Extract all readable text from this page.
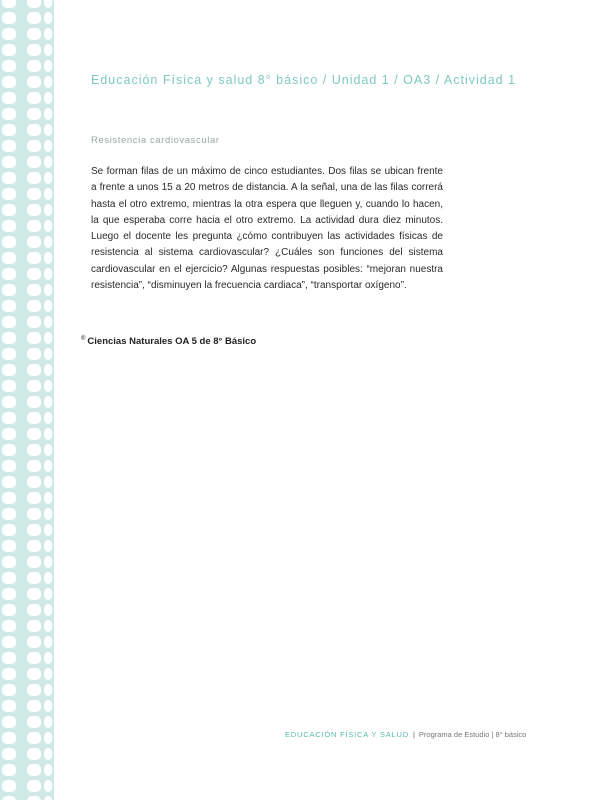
Educación Física y salud 8° básico / Unidad 1 / OA3 / Actividad 1
Resistencia cardiovascular

Se forman filas de un máximo de cinco estudiantes. Dos filas se ubican frente a frente a unos 15 a 20 metros de distancia. A la señal, una de las filas correrá hasta el otro extremo, mientras la otra espera que lleguen y, cuando lo hacen, la que esperaba corre hacia el otro extremo. La actividad dura diez minutos. Luego el docente les pregunta ¿cómo contribuyen las actividades físicas de resistencia al sistema cardiovascular? ¿Cuáles son funciones del sistema cardiovascular en el ejercicio? Algunas respuestas posibles: “mejoran nuestra resistencia”, “disminuyen la frecuencia cardiaca”, “transportar oxígeno”.

® Ciencias Naturales OA 5 de 8° Básico
EDUCACIÓN FÍSICA Y SALUD | Programa de Estudio | 8° básico
